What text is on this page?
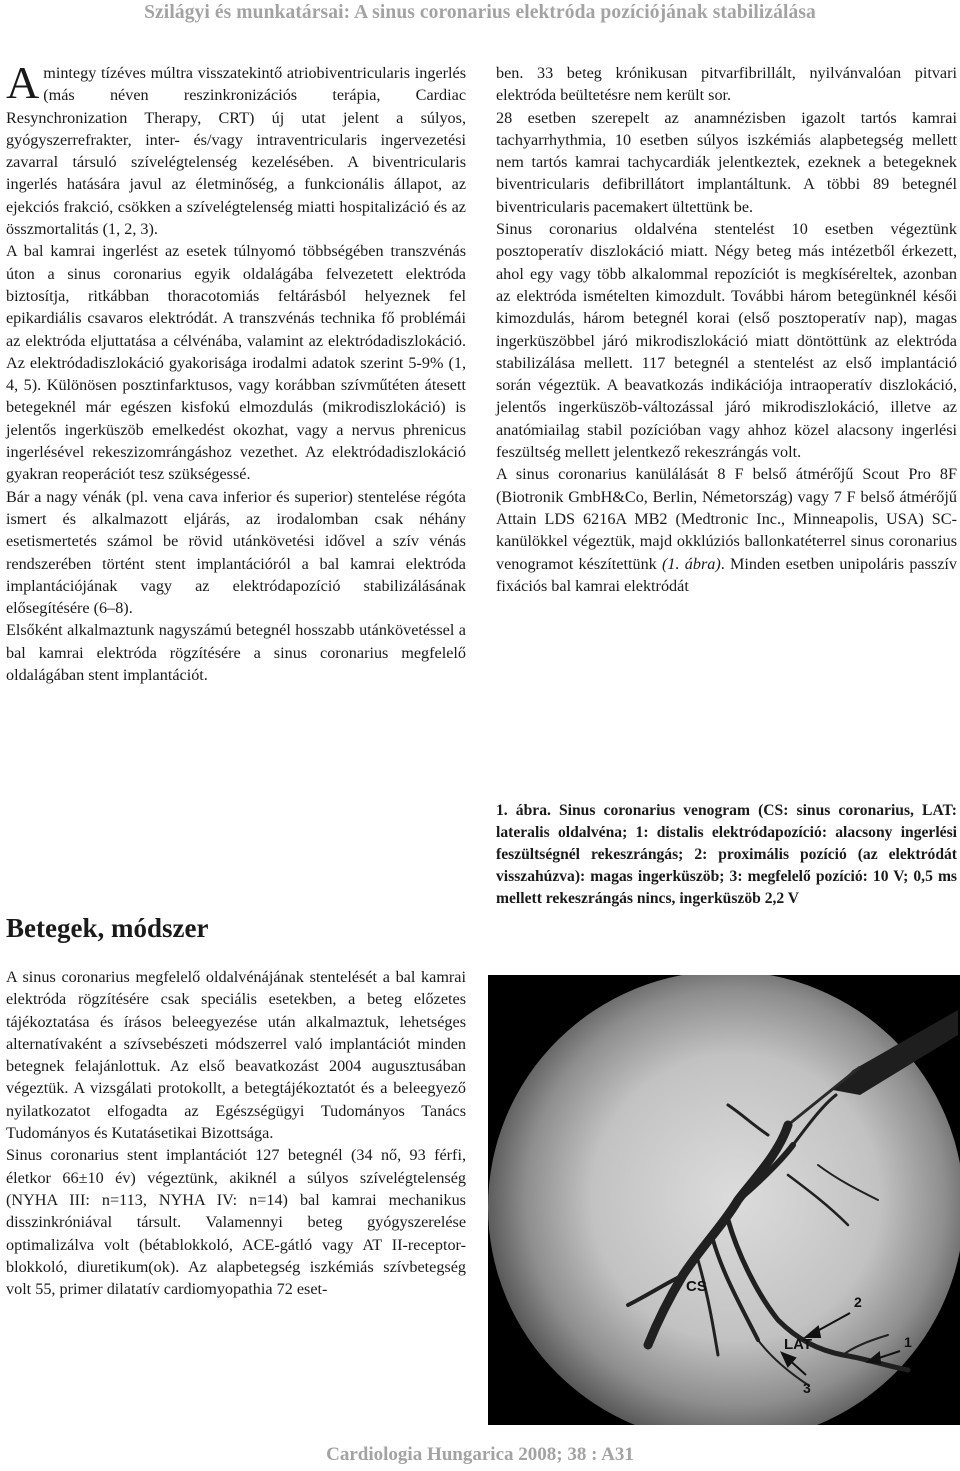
Szilágyi és munkatársai: A sinus coronarius elektróda pozíciójának stabilizálása

Amintegy tízéves múltra visszatekintő atriobiventricularis ingerlés (más néven reszinkronizációs terápia, Cardiac Resynchronization Therapy, CRT) új utat jelent a súlyos, gyógyszerrefrakter, inter- és/vagy intraventricularis ingervezetési zavarral társuló szívelégtelenség kezelésében. A biventricularis ingerlés hatására javul az életminőség, a funkcionális állapot, az ejekciós frakció, csökken a szívelégtelenség miatti hospitalizáció és az összmortalitás (1, 2, 3).

A bal kamrai ingerlést az esetek túlnyomó többségében transzvénás úton a sinus coronarius egyik oldalágába felvezetett elektróda biztosítja, ritkábban thoracotomiás feltárásból helyeznek fel epikardiális csavaros elektródát. A transzvénás technika fő problémái az elektróda eljuttatása a célvénába, valamint az elektródadiszlokáció. Az elektródadiszlokáció gyakorisága irodalmi adatok szerint 5-9% (1, 4, 5). Különösen posztinfarktusos, vagy korábban szívműtéten átesett betegeknél már egészen kisfokú elmozdulás (mikrodiszlokáció) is jelentős ingerküszöb emelkedést okozhat, vagy a nervus phrenicus ingerlésével rekeszizomrángáshoz vezethet. Az elektródadiszlokáció gyakran reoperációt tesz szükségessé.

Bár a nagy vénák (pl. vena cava inferior és superior) stentelése régóta ismert és alkalmazott eljárás, az irodalomban csak néhány esetismertetés számol be rövid utánkövetési idővel a szív vénás rendszerében történt stent implantációról a bal kamrai elektróda implantációjának vagy az elektródapozíció stabilizálásának elősegítésére (6–8).

Elsőként alkalmaztunk nagyszámú betegnél hosszabb utánkövetéssel a bal kamrai elektróda rögzítésére a sinus coronarius megfelelő oldalágában stent implantációt.

Betegek, módszer

A sinus coronarius megfelelő oldalvénájának stentelését a bal kamrai elektróda rögzítésére csak speciális esetekben, a beteg előzetes tájékoztatása és írásos beleegyezése után alkalmaztuk, lehetséges alternatívaként a szívsebészeti módszerrel való implantációt minden betegnek felajánlottuk. Az első beavatkozást 2004 augusztusában végeztük. A vizsgálati protokollt, a betegtájékoztatót és a beleegyező nyilatkozatot elfogadta az Egészségügyi Tudományos Tanács Tudományos és Kutatásetikai Bizottsága.

Sinus coronarius stent implantációt 127 betegnél (34 nő, 93 férfi, életkor 66±10 év) végeztünk, akiknél a súlyos szívelégtelenség (NYHA III: n=113, NYHA IV: n=14) bal kamrai mechanikus disszinkróniával társult. Valamennyi beteg gyógyszerelése optimalizálva volt (bétablokkoló, ACE-gátló vagy AT II-receptor-blokkoló, diuretikum(ok). Az alapbetegség iszkémiás szívbetegség volt 55, primer dilatatív cardiomyopathia 72 eset-

ben. 33 beteg krónikusan pitvarfibrillált, nyilvánvalóan pitvari elektróda beültetésre nem került sor.

28 esetben szerepelt az anamnézisben igazolt tartós kamrai tachyarrhythmia, 10 esetben súlyos iszkémiás alapbetegség mellett nem tartós kamrai tachycardiák jelentkeztek, ezeknek a betegeknek biventricularis defibrillátort implantáltunk. A többi 89 betegnél biventricularis pacemakert ültettünk be.

Sinus coronarius oldalvéna stentelést 10 esetben végeztünk posztoperatív diszlokáció miatt. Négy beteg más intézetből érkezett, ahol egy vagy több alkalommal repozíciót is megkíséreltek, azonban az elektróda ismételten kimozdult. További három betegünknél késői kimozdulás, három betegnél korai (első posztoperatív nap), magas ingerküszöbbel járó mikrodiszlokáció miatt döntöttünk az elektróda stabilizálása mellett. 117 betegnél a stentelést az első implantáció során végeztük. A beavatkozás indikációja intraoperatív diszlokáció, jelentős ingerküszöb-változással járó mikrodiszlokáció, illetve az anatómiailag stabil pozícióban vagy ahhoz közel alacsony ingerlési feszültség mellett jelentkező rekeszrángás volt.

A sinus coronarius kanülálását 8 F belső átmérőjű Scout Pro 8F (Biotronik GmbH&Co, Berlin, Németország) vagy 7 F belső átmérőjű Attain LDS 6216A MB2 (Medtronic Inc., Minneapolis, USA) SC-kanülökkel végeztük, majd okklúziós ballonkatéterrel sinus coronarius venogramot készítettünk (1. ábra). Minden esetben unipoláris passzív fixációs bal kamrai elektródát

1. ábra. Sinus coronarius venogram (CS: sinus coronarius, LAT: lateralis oldalvéna; 1: distalis elektródapozíció: alacsony ingerlési feszültségnél rekeszrángás; 2: proximális pozíció (az elektródát visszahúzva): magas ingerküszöb; 3: megfelelő pozíció: 10 V; 0,5 ms mellett rekeszrángás nincs, ingerküszöb 2,2 V
CS
LAT	1
2
3
Cardiologia Hungarica 2008; 38 : A31
